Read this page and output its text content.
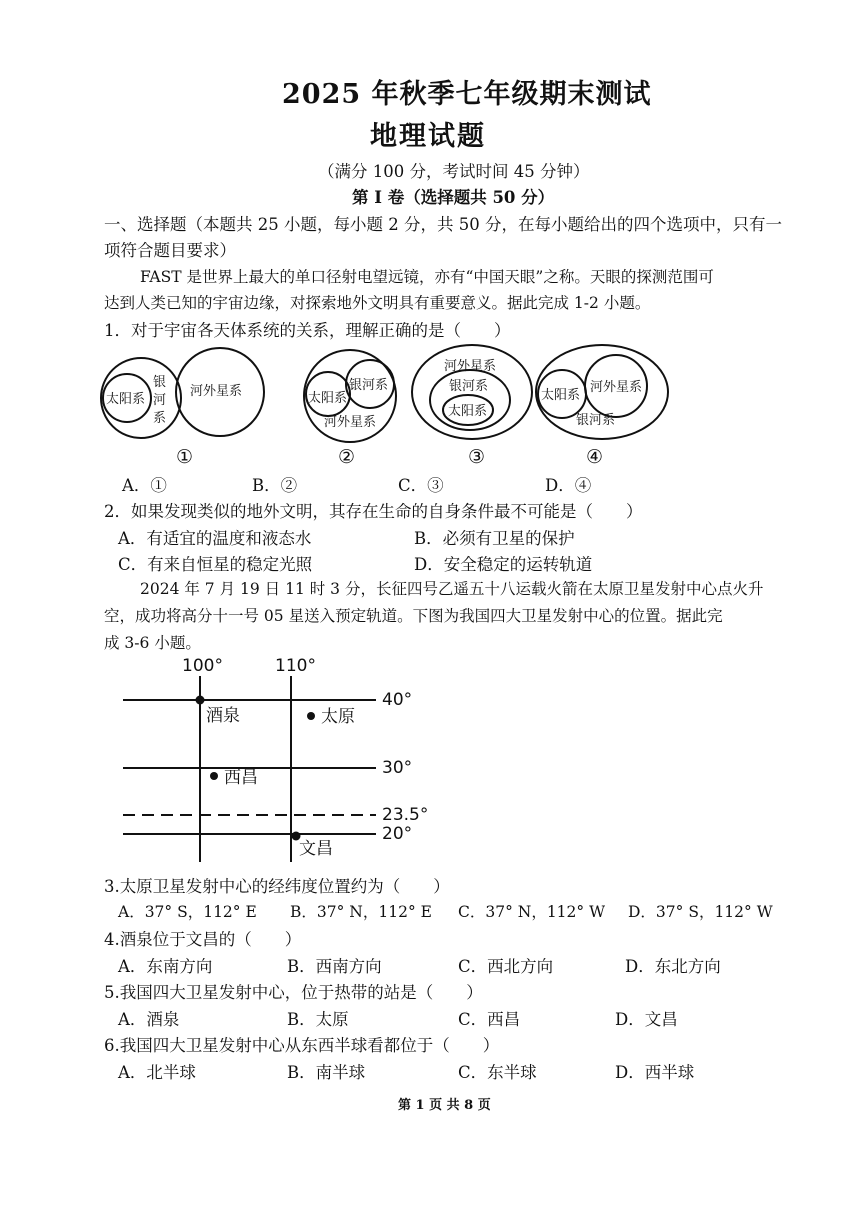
2025 年秋季七年级期末测试
地理试题
（满分 100 分，考试时间 45 分钟）
第 I 卷（选择题共 50 分）
一、选择题（本题共 25 小题，每小题 2 分，共 50 分，在每小题给出的四个选项中，只有一
项符合题目要求）
FAST 是世界上最大的单口径射电望远镜，亦有“中国天眼”之称。天眼的探测范围可
达到人类已知的宇宙边缘，对探索地外文明具有重要意义。据此完成 1-2 小题。
1．对于宇宙各天体系统的关系，理解正确的是（　　）
太阳系
银
河
系
河外星系	银河系
太阳系
河外星系
河外星系
银河系
太阳系
太阳系
河外星系
银河系
①	②	③	④
A．①	B．②	C．③	D．④
2．如果发现类似的地外文明，其存在生命的自身条件最不可能是（　　）
A．有适宜的温度和液态水	B．必须有卫星的保护
C．有来自恒星的稳定光照	D．安全稳定的运转轨道
2024 年 7 月 19 日 11 时 3 分，长征四号乙遥五十八运载火箭在太原卫星发射中心点火升
空，成功将高分十一号 05 星送入预定轨道。下图为我国四大卫星发射中心的位置。据此完
成 3-6 小题。
100°	110°
40°
30°
23.5°
20°
酒泉	太原
西昌
文昌
3.太原卫星发射中心的经纬度位置约为（　　）
A．37° S，112° E B．37° N，112° E C．37° N，112° W D．37° S，112° W
4.酒泉位于文昌的（　　）
A．东南方向	B．西南方向	C．西北方向	D．东北方向
5.我国四大卫星发射中心，位于热带的站是（　　）
A．酒泉	B．太原	C．西昌	D．文昌
6.我国四大卫星发射中心从东西半球看都位于（　　）
A．北半球	B．南半球	C．东半球	D．西半球
第 1 页 共 8 页
